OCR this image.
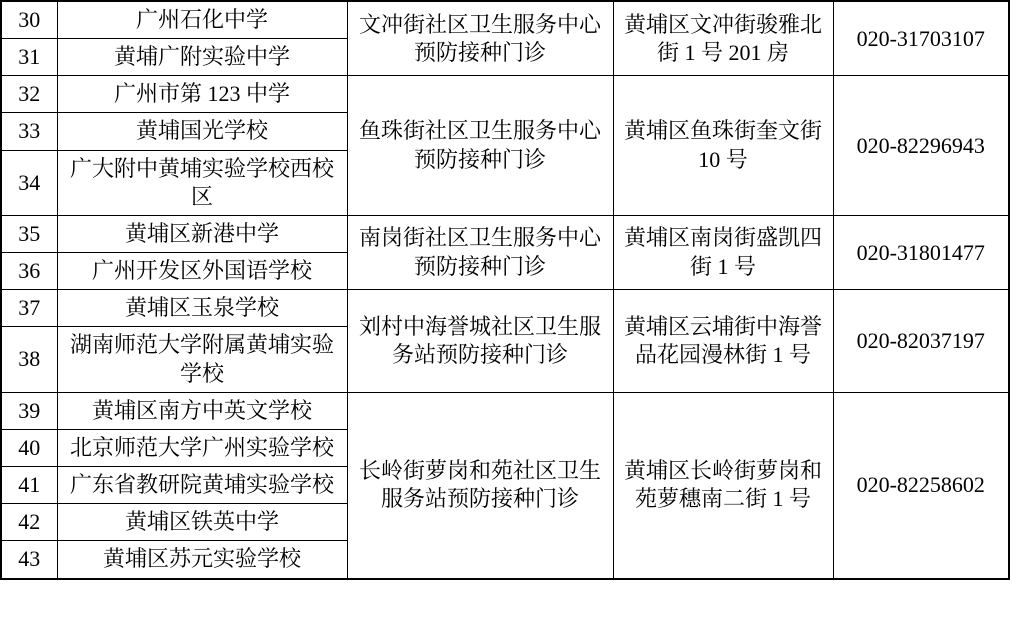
30	广州石化中学	文冲街社区卫生服务中心预防接种门诊	黄埔区文冲街骏雅北街 1 号 201 房	020-31703107
31	黄埔广附实验中学			
32	广州市第 123 中学	鱼珠街社区卫生服务中心预防接种门诊	黄埔区鱼珠街奎文街 10 号	020-82296943
33	黄埔国光学校			
34	广大附中黄埔实验学校西校区			
35	黄埔区新港中学	南岗街社区卫生服务中心预防接种门诊	黄埔区南岗街盛凯四街 1 号	020-31801477
36	广州开发区外国语学校			
37	黄埔区玉泉学校	刘村中海誉城社区卫生服务站预防接种门诊	黄埔区云埔街中海誉品花园漫林街 1 号	020-82037197
38	湖南师范大学附属黄埔实验学校			
39	黄埔区南方中英文学校	长岭街萝岗和苑社区卫生服务站预防接种门诊	黄埔区长岭街萝岗和苑萝穗南二街 1 号	020-82258602
40	北京师范大学广州实验学校			
41	广东省教研院黄埔实验学校			
42	黄埔区铁英中学			
43	黄埔区苏元实验学校			
